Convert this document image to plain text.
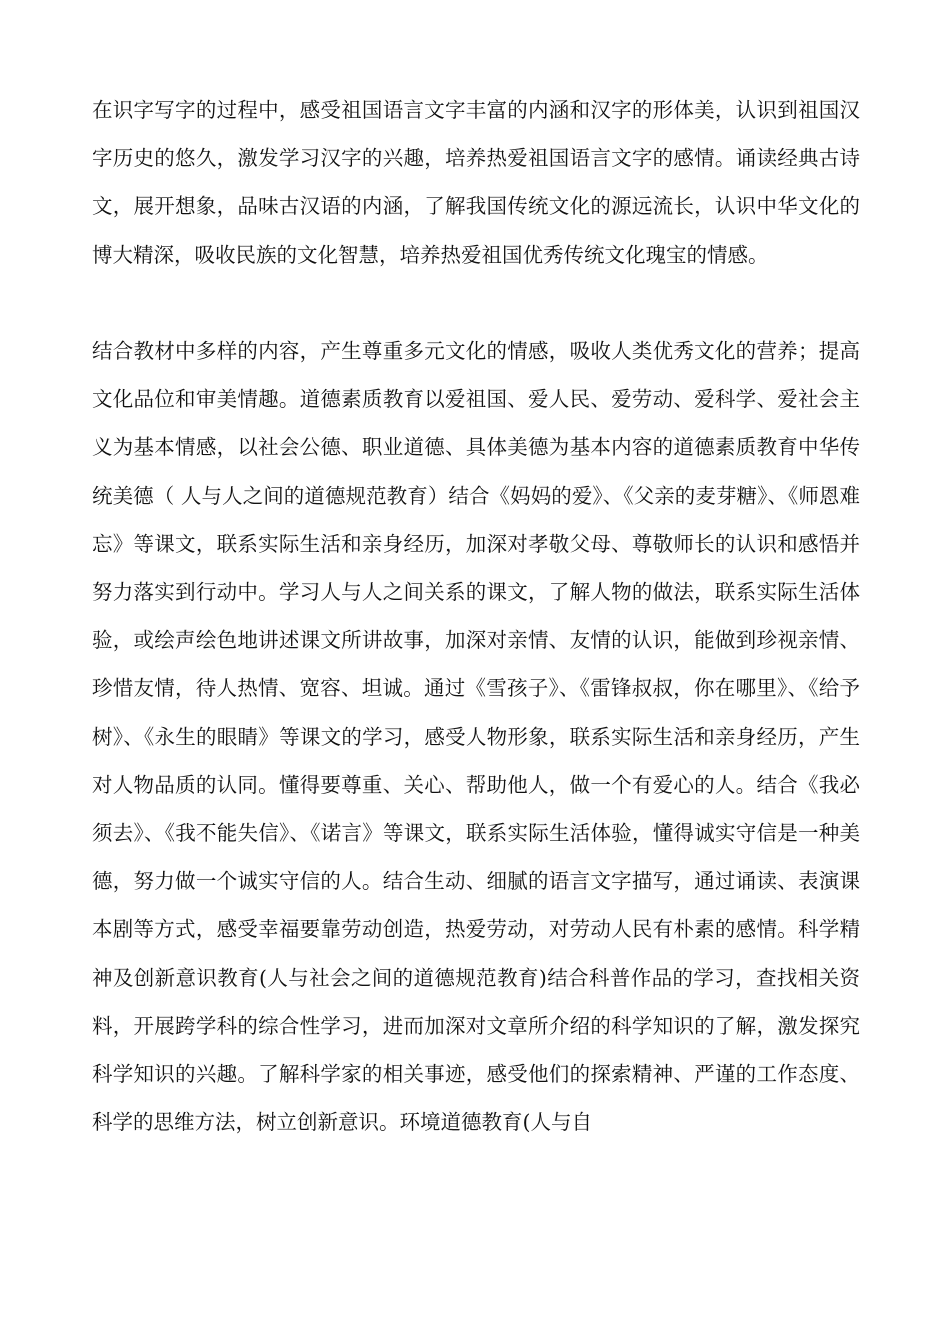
在识字写字的过程中，感受祖国语言文字丰富的内涵和汉字的形体美，认识到祖国汉字历史的悠久，激发学习汉字的兴趣，培养热爱祖国语言文字的感情。诵读经典古诗文，展开想象，品味古汉语的内涵，了解我国传统文化的源远流长，认识中华文化的博大精深，吸收民族的文化智慧，培养热爱祖国优秀传统文化瑰宝的情感。

结合教材中多样的内容，产生尊重多元文化的情感，吸收人类优秀文化的营养；提高文化品位和审美情趣。道德素质教育以爱祖国、爱人民、爱劳动、爱科学、爱社会主义为基本情感，以社会公德、职业道德、具体美德为基本内容的道德素质教育中华传统美德（ 人与人之间的道德规范教育）结合《妈妈的爱》、《父亲的麦芽糖》、《师恩难忘》等课文，联系实际生活和亲身经历，加深对孝敬父母、尊敬师长的认识和感悟并努力落实到行动中。学习人与人之间关系的课文，了解人物的做法，联系实际生活体验，或绘声绘色地讲述课文所讲故事，加深对亲情、友情的认识，能做到珍视亲情、珍惜友情，待人热情、宽容、坦诚。通过《雪孩子》、《雷锋叔叔，你在哪里》、《给予树》、《永生的眼睛》等课文的学习，感受人物形象，联系实际生活和亲身经历，产生对人物品质的认同。懂得要尊重、关心、帮助他人，做一个有爱心的人。结合《我必须去》、《我不能失信》、《诺言》等课文，联系实际生活体验，懂得诚实守信是一种美德，努力做一个诚实守信的人。结合生动、细腻的语言文字描写，通过诵读、表演课本剧等方式，感受幸福要靠劳动创造，热爱劳动，对劳动人民有朴素的感情。科学精神及创新意识教育(人与社会之间的道德规范教育)结合科普作品的学习，查找相关资料，开展跨学科的综合性学习，进而加深对文章所介绍的科学知识的了解，激发探究科学知识的兴趣。了解科学家的相关事迹，感受他们的探索精神、严谨的工作态度、科学的思维方法，树立创新意识。环境道德教育(人与自
